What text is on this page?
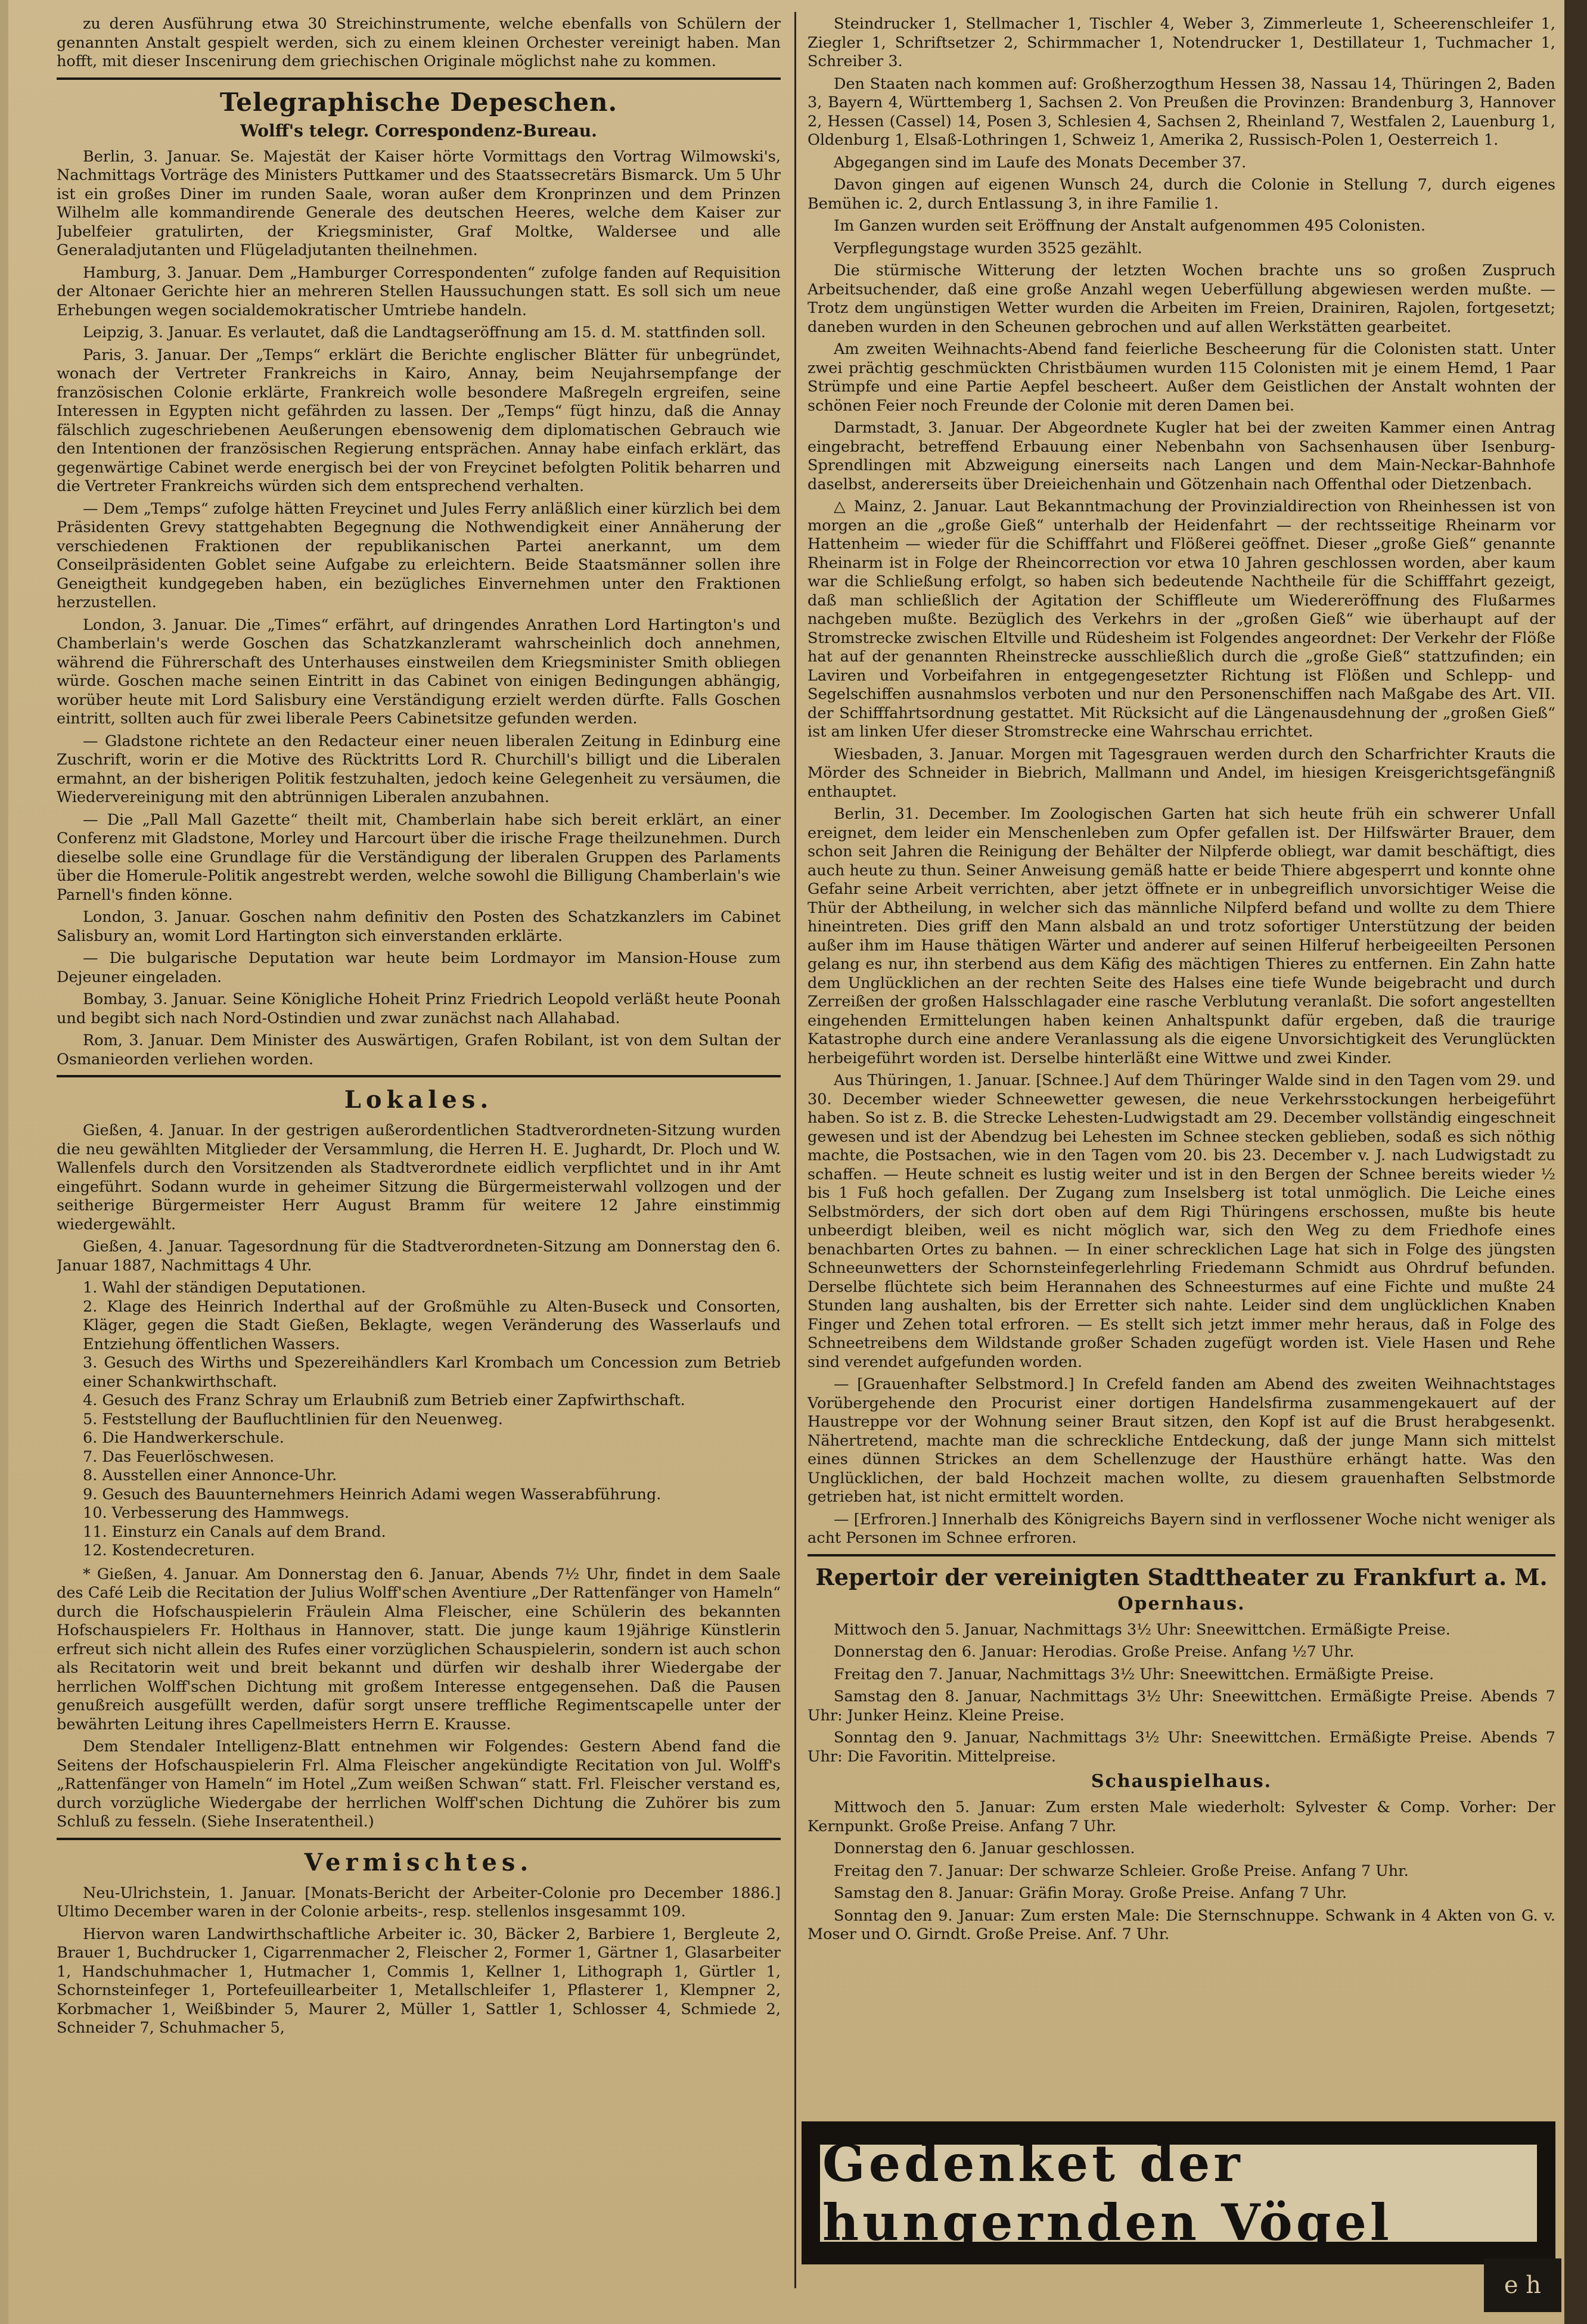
zu deren Ausführung etwa 30 Streichinstrumente, welche ebenfalls von Schülern der genannten Anstalt gespielt werden, sich zu einem kleinen Orchester vereinigt haben. Man hofft, mit dieser Inscenirung dem griechischen Originale möglichst nahe zu kommen.

Telegraphische Depeschen.
Wolff's telegr. Correspondenz-Bureau.

Berlin, 3. Januar. Se. Majestät der Kaiser hörte Vormittags den Vortrag Wilmowski's, Nachmittags Vorträge des Ministers Puttkamer und des Staatssecretärs Bismarck. Um 5 Uhr ist ein großes Diner im runden Saale, woran außer dem Kronprinzen und dem Prinzen Wilhelm alle kommandirende Generale des deutschen Heeres, welche dem Kaiser zur Jubelfeier gratulirten, der Kriegsminister, Graf Moltke, Waldersee und alle Generaladjutanten und Flügeladjutanten theilnehmen.

Hamburg, 3. Januar. Dem „Hamburger Correspondenten“ zufolge fanden auf Requisition der Altonaer Gerichte hier an mehreren Stellen Haussuchungen statt. Es soll sich um neue Erhebungen wegen socialdemokratischer Umtriebe handeln.

Leipzig, 3. Januar. Es verlautet, daß die Landtagseröffnung am 15. d. M. stattfinden soll.

Paris, 3. Januar. Der „Temps“ erklärt die Berichte englischer Blätter für unbegründet, wonach der Vertreter Frankreichs in Kairo, Annay, beim Neujahrsempfange der französischen Colonie erklärte, Frankreich wolle besondere Maßregeln ergreifen, seine Interessen in Egypten nicht gefährden zu lassen. Der „Temps“ fügt hinzu, daß die Annay fälschlich zugeschriebenen Aeußerungen ebensowenig dem diplomatischen Gebrauch wie den Intentionen der französischen Regierung entsprächen. Annay habe einfach erklärt, das gegenwärtige Cabinet werde energisch bei der von Freycinet befolgten Politik beharren und die Vertreter Frankreichs würden sich dem entsprechend verhalten.

— Dem „Temps“ zufolge hätten Freycinet und Jules Ferry anläßlich einer kürzlich bei dem Präsidenten Grevy stattgehabten Begegnung die Nothwendigkeit einer Annäherung der verschiedenen Fraktionen der republikanischen Partei anerkannt, um dem Conseilpräsidenten Goblet seine Aufgabe zu erleichtern. Beide Staatsmänner sollen ihre Geneigtheit kundgegeben haben, ein bezügliches Einvernehmen unter den Fraktionen herzustellen.

London, 3. Januar. Die „Times“ erfährt, auf dringendes Anrathen Lord Hartington's und Chamberlain's werde Goschen das Schatzkanzleramt wahrscheinlich doch annehmen, während die Führerschaft des Unterhauses einstweilen dem Kriegsminister Smith obliegen würde. Goschen mache seinen Eintritt in das Cabinet von einigen Bedingungen abhängig, worüber heute mit Lord Salisbury eine Verständigung erzielt werden dürfte. Falls Goschen eintritt, sollten auch für zwei liberale Peers Cabinetsitze gefunden werden.

— Gladstone richtete an den Redacteur einer neuen liberalen Zeitung in Edinburg eine Zuschrift, worin er die Motive des Rücktritts Lord R. Churchill's billigt und die Liberalen ermahnt, an der bisherigen Politik festzuhalten, jedoch keine Gelegenheit zu versäumen, die Wiedervereinigung mit den abtrünnigen Liberalen anzubahnen.

— Die „Pall Mall Gazette“ theilt mit, Chamberlain habe sich bereit erklärt, an einer Conferenz mit Gladstone, Morley und Harcourt über die irische Frage theilzunehmen. Durch dieselbe solle eine Grundlage für die Verständigung der liberalen Gruppen des Parlaments über die Homerule-Politik angestrebt werden, welche sowohl die Billigung Chamberlain's wie Parnell's finden könne.

London, 3. Januar. Goschen nahm definitiv den Posten des Schatzkanzlers im Cabinet Salisbury an, womit Lord Hartington sich einverstanden erklärte.

— Die bulgarische Deputation war heute beim Lordmayor im Mansion-House zum Dejeuner eingeladen.

Bombay, 3. Januar. Seine Königliche Hoheit Prinz Friedrich Leopold verläßt heute Poonah und begibt sich nach Nord-Ostindien und zwar zunächst nach Allahabad.

Rom, 3. Januar. Dem Minister des Auswärtigen, Grafen Robilant, ist von dem Sultan der Osmanieorden verliehen worden.

Lokales.

Gießen, 4. Januar. In der gestrigen außerordentlichen Stadtverordneten-Sitzung wurden die neu gewählten Mitglieder der Versammlung, die Herren H. E. Jughardt, Dr. Ploch und W. Wallenfels durch den Vorsitzenden als Stadtverordnete eidlich verpflichtet und in ihr Amt eingeführt. Sodann wurde in geheimer Sitzung die Bürgermeisterwahl vollzogen und der seitherige Bürgermeister Herr August Bramm für weitere 12 Jahre einstimmig wiedergewählt.

Gießen, 4. Januar. Tagesordnung für die Stadtverordneten-Sitzung am Donnerstag den 6. Januar 1887, Nachmittags 4 Uhr.

1. Wahl der ständigen Deputationen.
2. Klage des Heinrich Inderthal auf der Großmühle zu Alten-Buseck und Consorten, Kläger, gegen die Stadt Gießen, Beklagte, wegen Veränderung des Wasserlaufs und Entziehung öffentlichen Wassers.
3. Gesuch des Wirths und Spezereihändlers Karl Krombach um Concession zum Betrieb einer Schankwirthschaft.
4. Gesuch des Franz Schray um Erlaubniß zum Betrieb einer Zapfwirthschaft.
5. Feststellung der Baufluchtlinien für den Neuenweg.
6. Die Handwerkerschule.
7. Das Feuerlöschwesen.
8. Ausstellen einer Annonce-Uhr.
9. Gesuch des Bauunternehmers Heinrich Adami wegen Wasserabführung.
10. Verbesserung des Hammwegs.
11. Einsturz ein Canals auf dem Brand.
12. Kostendecreturen.

* Gießen, 4. Januar. Am Donnerstag den 6. Januar, Abends 7½ Uhr, findet in dem Saale des Café Leib die Recitation der Julius Wolff'schen Aventiure „Der Rattenfänger von Hameln“ durch die Hofschauspielerin Fräulein Alma Fleischer, eine Schülerin des bekannten Hofschauspielers Fr. Holthaus in Hannover, statt. Die junge kaum 19jährige Künstlerin erfreut sich nicht allein des Rufes einer vorzüglichen Schauspielerin, sondern ist auch schon als Recitatorin weit und breit bekannt und dürfen wir deshalb ihrer Wiedergabe der herrlichen Wolff'schen Dichtung mit großem Interesse entgegensehen. Daß die Pausen genußreich ausgefüllt werden, dafür sorgt unsere treffliche Regimentscapelle unter der bewährten Leitung ihres Capellmeisters Herrn E. Krausse.

Dem Stendaler Intelligenz-Blatt entnehmen wir Folgendes: Gestern Abend fand die Seitens der Hofschauspielerin Frl. Alma Fleischer angekündigte Recitation von Jul. Wolff's „Rattenfänger von Hameln“ im Hotel „Zum weißen Schwan“ statt. Frl. Fleischer verstand es, durch vorzügliche Wiedergabe der herrlichen Wolff'schen Dichtung die Zuhörer bis zum Schluß zu fesseln. (Siehe Inseratentheil.)

Vermischtes.

Neu-Ulrichstein, 1. Januar. [Monats-Bericht der Arbeiter-Colonie pro December 1886.] Ultimo December waren in der Colonie arbeits-, resp. stellenlos insgesammt 109.

Hiervon waren Landwirthschaftliche Arbeiter ic. 30, Bäcker 2, Barbiere 1, Bergleute 2, Brauer 1, Buchdrucker 1, Cigarrenmacher 2, Fleischer 2, Former 1, Gärtner 1, Glasarbeiter 1, Handschuhmacher 1, Hutmacher 1, Commis 1, Kellner 1, Lithograph 1, Gürtler 1, Schornsteinfeger 1, Portefeuillearbeiter 1, Metallschleifer 1, Pflasterer 1, Klempner 2, Korbmacher 1, Weißbinder 5, Maurer 2, Müller 1, Sattler 1, Schlosser 4, Schmiede 2, Schneider 7, Schuhmacher 5,

Steindrucker 1, Stellmacher 1, Tischler 4, Weber 3, Zimmerleute 1, Scheerenschleifer 1, Ziegler 1, Schriftsetzer 2, Schirmmacher 1, Notendrucker 1, Destillateur 1, Tuchmacher 1, Schreiber 3.

Den Staaten nach kommen auf: Großherzogthum Hessen 38, Nassau 14, Thüringen 2, Baden 3, Bayern 4, Württemberg 1, Sachsen 2. Von Preußen die Provinzen: Brandenburg 3, Hannover 2, Hessen (Cassel) 14, Posen 3, Schlesien 4, Sachsen 2, Rheinland 7, Westfalen 2, Lauenburg 1, Oldenburg 1, Elsaß-Lothringen 1, Schweiz 1, Amerika 2, Russisch-Polen 1, Oesterreich 1.

Abgegangen sind im Laufe des Monats December 37.

Davon gingen auf eigenen Wunsch 24, durch die Colonie in Stellung 7, durch eigenes Bemühen ic. 2, durch Entlassung 3, in ihre Familie 1.

Im Ganzen wurden seit Eröffnung der Anstalt aufgenommen 495 Colonisten.

Verpflegungstage wurden 3525 gezählt.

Die stürmische Witterung der letzten Wochen brachte uns so großen Zuspruch Arbeitsuchender, daß eine große Anzahl wegen Ueberfüllung abgewiesen werden mußte. — Trotz dem ungünstigen Wetter wurden die Arbeiten im Freien, Drainiren, Rajolen, fortgesetzt; daneben wurden in den Scheunen gebrochen und auf allen Werkstätten gearbeitet.

Am zweiten Weihnachts-Abend fand feierliche Bescheerung für die Colonisten statt. Unter zwei prächtig geschmückten Christbäumen wurden 115 Colonisten mit je einem Hemd, 1 Paar Strümpfe und eine Partie Aepfel bescheert. Außer dem Geistlichen der Anstalt wohnten der schönen Feier noch Freunde der Colonie mit deren Damen bei.

Darmstadt, 3. Januar. Der Abgeordnete Kugler hat bei der zweiten Kammer einen Antrag eingebracht, betreffend Erbauung einer Nebenbahn von Sachsenhausen über Isenburg-Sprendlingen mit Abzweigung einerseits nach Langen und dem Main-Neckar-Bahnhofe daselbst, andererseits über Dreieichenhain und Götzenhain nach Offenthal oder Dietzenbach.

△ Mainz, 2. Januar. Laut Bekanntmachung der Provinzialdirection von Rheinhessen ist von morgen an die „große Gieß“ unterhalb der Heidenfahrt — der rechtsseitige Rheinarm vor Hattenheim — wieder für die Schifffahrt und Flößerei geöffnet. Dieser „große Gieß“ genannte Rheinarm ist in Folge der Rheincorrection vor etwa 10 Jahren geschlossen worden, aber kaum war die Schließung erfolgt, so haben sich bedeutende Nachtheile für die Schifffahrt gezeigt, daß man schließlich der Agitation der Schiffleute um Wiedereröffnung des Flußarmes nachgeben mußte. Bezüglich des Verkehrs in der „großen Gieß“ wie überhaupt auf der Stromstrecke zwischen Eltville und Rüdesheim ist Folgendes angeordnet: Der Verkehr der Flöße hat auf der genannten Rheinstrecke ausschließlich durch die „große Gieß“ stattzufinden; ein Laviren und Vorbeifahren in entgegengesetzter Richtung ist Flößen und Schlepp- und Segelschiffen ausnahmslos verboten und nur den Personenschiffen nach Maßgabe des Art. VII. der Schifffahrtsordnung gestattet. Mit Rücksicht auf die Längenausdehnung der „großen Gieß“ ist am linken Ufer dieser Stromstrecke eine Wahrschau errichtet.

Wiesbaden, 3. Januar. Morgen mit Tagesgrauen werden durch den Scharfrichter Krauts die Mörder des Schneider in Biebrich, Mallmann und Andel, im hiesigen Kreisgerichtsgefängniß enthauptet.

Berlin, 31. December. Im Zoologischen Garten hat sich heute früh ein schwerer Unfall ereignet, dem leider ein Menschenleben zum Opfer gefallen ist. Der Hilfswärter Brauer, dem schon seit Jahren die Reinigung der Behälter der Nilpferde obliegt, war damit beschäftigt, dies auch heute zu thun. Seiner Anweisung gemäß hatte er beide Thiere abgesperrt und konnte ohne Gefahr seine Arbeit verrichten, aber jetzt öffnete er in unbegreiflich unvorsichtiger Weise die Thür der Abtheilung, in welcher sich das männliche Nilpferd befand und wollte zu dem Thiere hineintreten. Dies griff den Mann alsbald an und trotz sofortiger Unterstützung der beiden außer ihm im Hause thätigen Wärter und anderer auf seinen Hilferuf herbeigeeilten Personen gelang es nur, ihn sterbend aus dem Käfig des mächtigen Thieres zu entfernen. Ein Zahn hatte dem Unglücklichen an der rechten Seite des Halses eine tiefe Wunde beigebracht und durch Zerreißen der großen Halsschlagader eine rasche Verblutung veranlaßt. Die sofort angestellten eingehenden Ermittelungen haben keinen Anhaltspunkt dafür ergeben, daß die traurige Katastrophe durch eine andere Veranlassung als die eigene Unvorsichtigkeit des Verunglückten herbeigeführt worden ist. Derselbe hinterläßt eine Wittwe und zwei Kinder.

Aus Thüringen, 1. Januar. [Schnee.] Auf dem Thüringer Walde sind in den Tagen vom 29. und 30. December wieder Schneewetter gewesen, die neue Verkehrsstockungen herbeigeführt haben. So ist z. B. die Strecke Lehesten-Ludwigstadt am 29. December vollständig eingeschneit gewesen und ist der Abendzug bei Lehesten im Schnee stecken geblieben, sodaß es sich nöthig machte, die Postsachen, wie in den Tagen vom 20. bis 23. December v. J. nach Ludwigstadt zu schaffen. — Heute schneit es lustig weiter und ist in den Bergen der Schnee bereits wieder ½ bis 1 Fuß hoch gefallen. Der Zugang zum Inselsberg ist total unmöglich. Die Leiche eines Selbstmörders, der sich dort oben auf dem Rigi Thüringens erschossen, mußte bis heute unbeerdigt bleiben, weil es nicht möglich war, sich den Weg zu dem Friedhofe eines benachbarten Ortes zu bahnen. — In einer schrecklichen Lage hat sich in Folge des jüngsten Schneeunwetters der Schornsteinfegerlehrling Friedemann Schmidt aus Ohrdruf befunden. Derselbe flüchtete sich beim Herannahen des Schneesturmes auf eine Fichte und mußte 24 Stunden lang aushalten, bis der Erretter sich nahte. Leider sind dem unglücklichen Knaben Finger und Zehen total erfroren. — Es stellt sich jetzt immer mehr heraus, daß in Folge des Schneetreibens dem Wildstande großer Schaden zugefügt worden ist. Viele Hasen und Rehe sind verendet aufgefunden worden.

— [Grauenhafter Selbstmord.] In Crefeld fanden am Abend des zweiten Weihnachtstages Vorübergehende den Procurist einer dortigen Handelsfirma zusammengekauert auf der Haustreppe vor der Wohnung seiner Braut sitzen, den Kopf ist auf die Brust herabgesenkt. Nähertretend, machte man die schreckliche Entdeckung, daß der junge Mann sich mittelst eines dünnen Strickes an dem Schellenzuge der Hausthüre erhängt hatte. Was den Unglücklichen, der bald Hochzeit machen wollte, zu diesem grauenhaften Selbstmorde getrieben hat, ist nicht ermittelt worden.

— [Erfroren.] Innerhalb des Königreichs Bayern sind in verflossener Woche nicht weniger als acht Personen im Schnee erfroren.

Repertoir der vereinigten Stadttheater zu Frankfurt a. M.
Opernhaus.

Mittwoch den 5. Januar, Nachmittags 3½ Uhr: Sneewittchen. Ermäßigte Preise.

Donnerstag den 6. Januar: Herodias. Große Preise. Anfang ½7 Uhr.

Freitag den 7. Januar, Nachmittags 3½ Uhr: Sneewittchen. Ermäßigte Preise.

Samstag den 8. Januar, Nachmittags 3½ Uhr: Sneewittchen. Ermäßigte Preise. Abends 7 Uhr: Junker Heinz. Kleine Preise.

Sonntag den 9. Januar, Nachmittags 3½ Uhr: Sneewittchen. Ermäßigte Preise. Abends 7 Uhr: Die Favoritin. Mittelpreise.

Schauspielhaus.

Mittwoch den 5. Januar: Zum ersten Male wiederholt: Sylvester & Comp. Vorher: Der Kernpunkt. Große Preise. Anfang 7 Uhr.

Donnerstag den 6. Januar geschlossen.

Freitag den 7. Januar: Der schwarze Schleier. Große Preise. Anfang 7 Uhr.

Samstag den 8. Januar: Gräfin Moray. Große Preise. Anfang 7 Uhr.

Sonntag den 9. Januar: Zum ersten Male: Die Sternschnuppe. Schwank in 4 Akten von G. v. Moser und O. Girndt. Große Preise. Anf. 7 Uhr.

Gedenket der hungernden Vögel
e h
